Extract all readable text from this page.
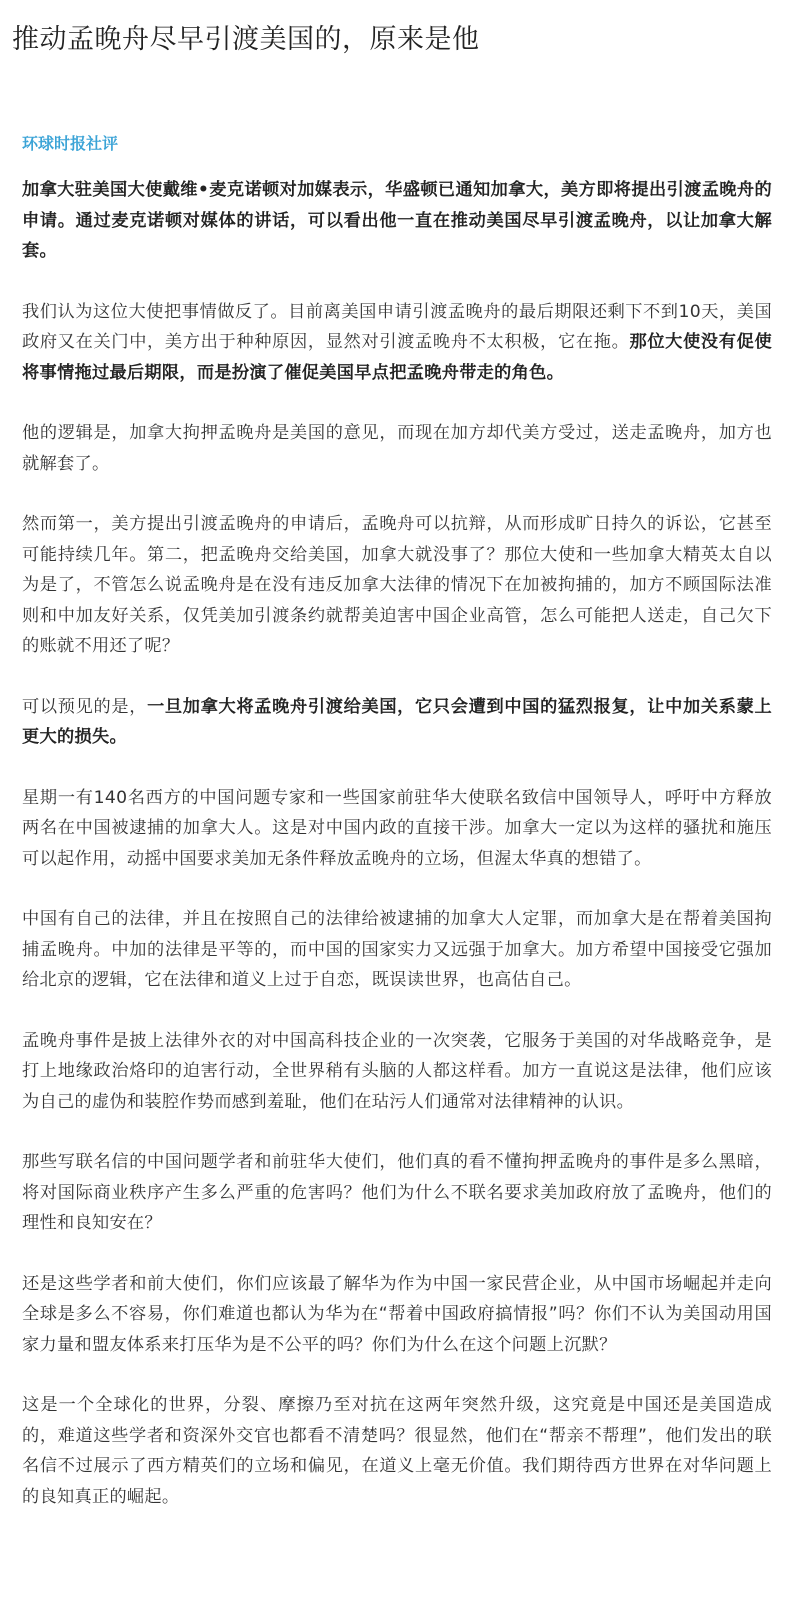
推动孟晚舟尽早引渡美国的，原来是他
环球时报社评

加拿大驻美国大使戴维•麦克诺顿对加媒表示，华盛顿已通知加拿大，美方即将提出引渡孟晚舟的申请。通过麦克诺顿对媒体的讲话，可以看出他一直在推动美国尽早引渡孟晚舟，以让加拿大解套。

我们认为这位大使把事情做反了。目前离美国申请引渡孟晚舟的最后期限还剩下不到10天，美国政府又在关门中，美方出于种种原因，显然对引渡孟晚舟不太积极，它在拖。那位大使没有促使将事情拖过最后期限，而是扮演了催促美国早点把孟晚舟带走的角色。

他的逻辑是，加拿大拘押孟晚舟是美国的意见，而现在加方却代美方受过，送走孟晚舟，加方也就解套了。

然而第一，美方提出引渡孟晚舟的申请后，孟晚舟可以抗辩，从而形成旷日持久的诉讼，它甚至可能持续几年。第二，把孟晚舟交给美国，加拿大就没事了？那位大使和一些加拿大精英太自以为是了，不管怎么说孟晚舟是在没有违反加拿大法律的情况下在加被拘捕的，加方不顾国际法准则和中加友好关系，仅凭美加引渡条约就帮美迫害中国企业高管，怎么可能把人送走，自己欠下的账就不用还了呢？

可以预见的是，一旦加拿大将孟晚舟引渡给美国，它只会遭到中国的猛烈报复，让中加关系蒙上更大的损失。

星期一有140名西方的中国问题专家和一些国家前驻华大使联名致信中国领导人，呼吁中方释放两名在中国被逮捕的加拿大人。这是对中国内政的直接干涉。加拿大一定以为这样的骚扰和施压可以起作用，动摇中国要求美加无条件释放孟晚舟的立场，但渥太华真的想错了。

中国有自己的法律，并且在按照自己的法律给被逮捕的加拿大人定罪，而加拿大是在帮着美国拘捕孟晚舟。中加的法律是平等的，而中国的国家实力又远强于加拿大。加方希望中国接受它强加给北京的逻辑，它在法律和道义上过于自恋，既误读世界，也高估自己。

孟晚舟事件是披上法律外衣的对中国高科技企业的一次突袭，它服务于美国的对华战略竞争，是打上地缘政治烙印的迫害行动，全世界稍有头脑的人都这样看。加方一直说这是法律，他们应该为自己的虚伪和装腔作势而感到羞耻，他们在玷污人们通常对法律精神的认识。

那些写联名信的中国问题学者和前驻华大使们，他们真的看不懂拘押孟晚舟的事件是多么黑暗，将对国际商业秩序产生多么严重的危害吗？他们为什么不联名要求美加政府放了孟晚舟，他们的理性和良知安在？

还是这些学者和前大使们，你们应该最了解华为作为中国一家民营企业，从中国市场崛起并走向全球是多么不容易，你们难道也都认为华为在“帮着中国政府搞情报”吗？你们不认为美国动用国家力量和盟友体系来打压华为是不公平的吗？你们为什么在这个问题上沉默？

这是一个全球化的世界，分裂、摩擦乃至对抗在这两年突然升级，这究竟是中国还是美国造成的，难道这些学者和资深外交官也都看不清楚吗？很显然，他们在“帮亲不帮理”，他们发出的联名信不过展示了西方精英们的立场和偏见，在道义上毫无价值。我们期待西方世界在对华问题上的良知真正的崛起。
